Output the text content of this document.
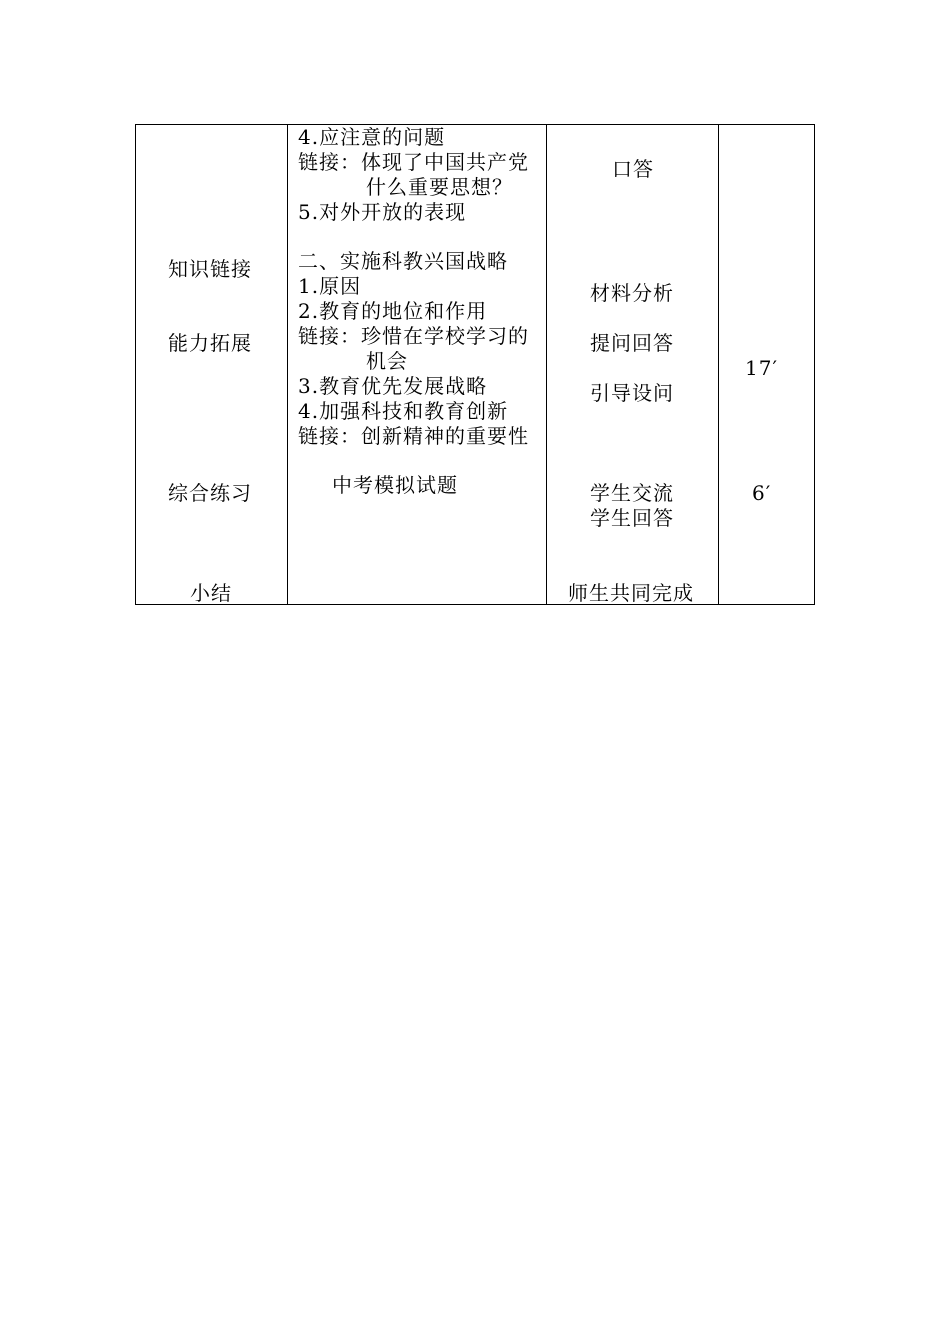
知识链接
能力拓展
综合练习
小结
4.应注意的问题
链接：体现了中国共产党
什么重要思想？
5.对外开放的表现
二、实施科教兴国战略
1.原因
2.教育的地位和作用
链接：珍惜在学校学习的
机会
3.教育优先发展战略
4.加强科技和教育创新
链接：创新精神的重要性
中考模拟试题
口答
材料分析
提问回答
引导设问
学生交流
学生回答
师生共同完成
17′
6′
